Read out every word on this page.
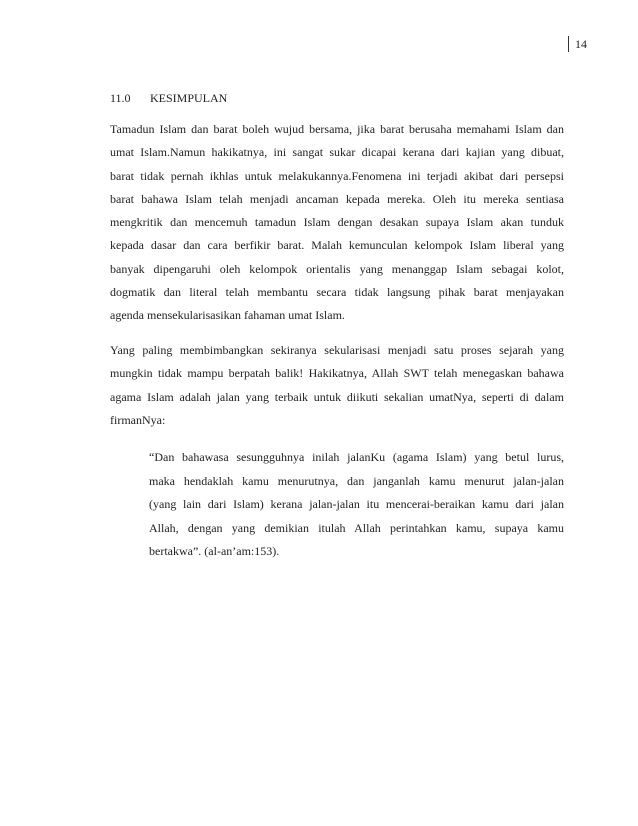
14
11.0 KESIMPULAN
Tamadun Islam dan barat boleh wujud bersama, jika barat berusaha memahami Islam dan
umat Islam.Namun hakikatnya, ini sangat sukar dicapai kerana dari kajian yang dibuat,
barat tidak pernah ikhlas untuk melakukannya.Fenomena ini terjadi akibat dari persepsi
barat bahawa Islam telah menjadi ancaman kepada mereka. Oleh itu mereka sentiasa
mengkritik dan mencemuh tamadun Islam dengan desakan supaya Islam akan tunduk
kepada dasar dan cara berfikir barat. Malah kemunculan kelompok Islam liberal yang
banyak dipengaruhi oleh kelompok orientalis yang menanggap Islam sebagai kolot,
dogmatik dan literal telah membantu secara tidak langsung pihak barat menjayakan
agenda mensekularisasikan fahaman umat Islam.
Yang paling membimbangkan sekiranya sekularisasi menjadi satu proses sejarah yang
mungkin tidak mampu berpatah balik! Hakikatnya, Allah SWT telah menegaskan bahawa
agama Islam adalah jalan yang terbaik untuk diikuti sekalian umatNya, seperti di dalam
firmanNya:
“Dan bahawasa sesungguhnya inilah jalanKu (agama Islam) yang betul lurus,
maka hendaklah kamu menurutnya, dan janganlah kamu menurut jalan-jalan
(yang lain dari Islam) kerana jalan-jalan itu mencerai-beraikan kamu dari jalan
Allah, dengan yang demikian itulah Allah perintahkan kamu, supaya kamu
bertakwa”. (al-an’am:153).
